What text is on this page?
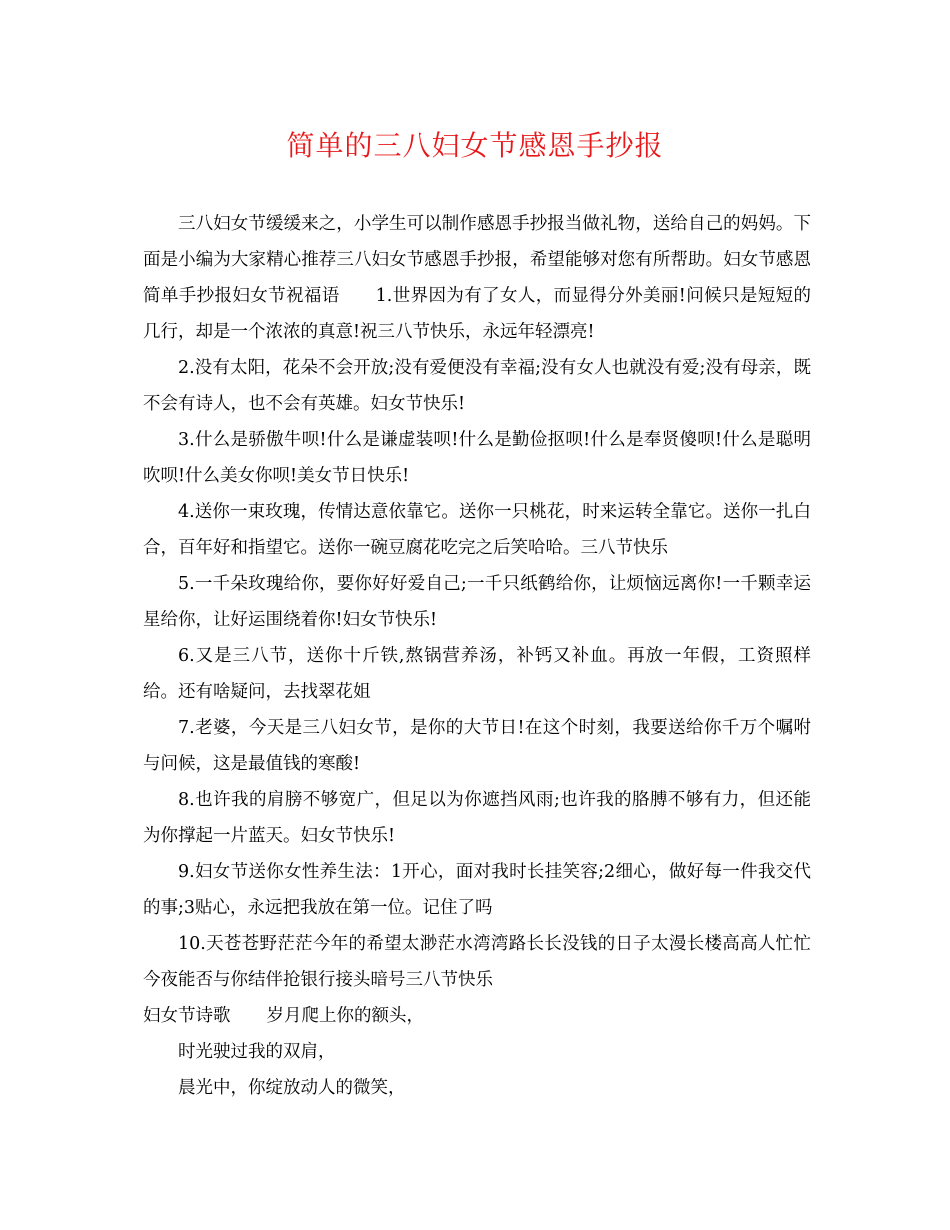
简单的三八妇女节感恩手抄报

三八妇女节缓缓来之，小学生可以制作感恩手抄报当做礼物，送给自己的妈妈。下面是小编为大家精心推荐三八妇女节感恩手抄报，希望能够对您有所帮助。妇女节感恩简单手抄报妇女节祝福语 1.世界因为有了女人，而显得分外美丽!问候只是短短的几行，却是一个浓浓的真意!祝三八节快乐，永远年轻漂亮!

2.没有太阳，花朵不会开放;没有爱便没有幸福;没有女人也就没有爱;没有母亲，既不会有诗人，也不会有英雄。妇女节快乐!

3.什么是骄傲牛呗!什么是谦虚装呗!什么是勤俭抠呗!什么是奉贤傻呗!什么是聪明吹呗!什么美女你呗!美女节日快乐!

4.送你一束玫瑰，传情达意依靠它。送你一只桃花，时来运转全靠它。送你一扎白合，百年好和指望它。送你一碗豆腐花吃完之后笑哈哈。三八节快乐

5.一千朵玫瑰给你，要你好好爱自己;一千只纸鹤给你，让烦恼远离你!一千颗幸运星给你，让好运围绕着你!妇女节快乐!

6.又是三八节，送你十斤铁,熬锅营养汤，补钙又补血。再放一年假，工资照样给。还有啥疑问，去找翠花姐

7.老婆，今天是三八妇女节，是你的大节日!在这个时刻，我要送给你千万个嘱咐与问候，这是最值钱的寒酸!

8.也许我的肩膀不够宽广，但足以为你遮挡风雨;也许我的胳膊不够有力，但还能为你撑起一片蓝天。妇女节快乐!

9.妇女节送你女性养生法：1开心，面对我时长挂笑容;2细心，做好每一件我交代的事;3贴心，永远把我放在第一位。记住了吗

10.天苍苍野茫茫今年的希望太渺茫水湾湾路长长没钱的日子太漫长楼高高人忙忙今夜能否与你结伴抢银行接头暗号三八节快乐

妇女节诗歌 岁月爬上你的额头，

时光驶过我的双肩，

晨光中，你绽放动人的微笑，
